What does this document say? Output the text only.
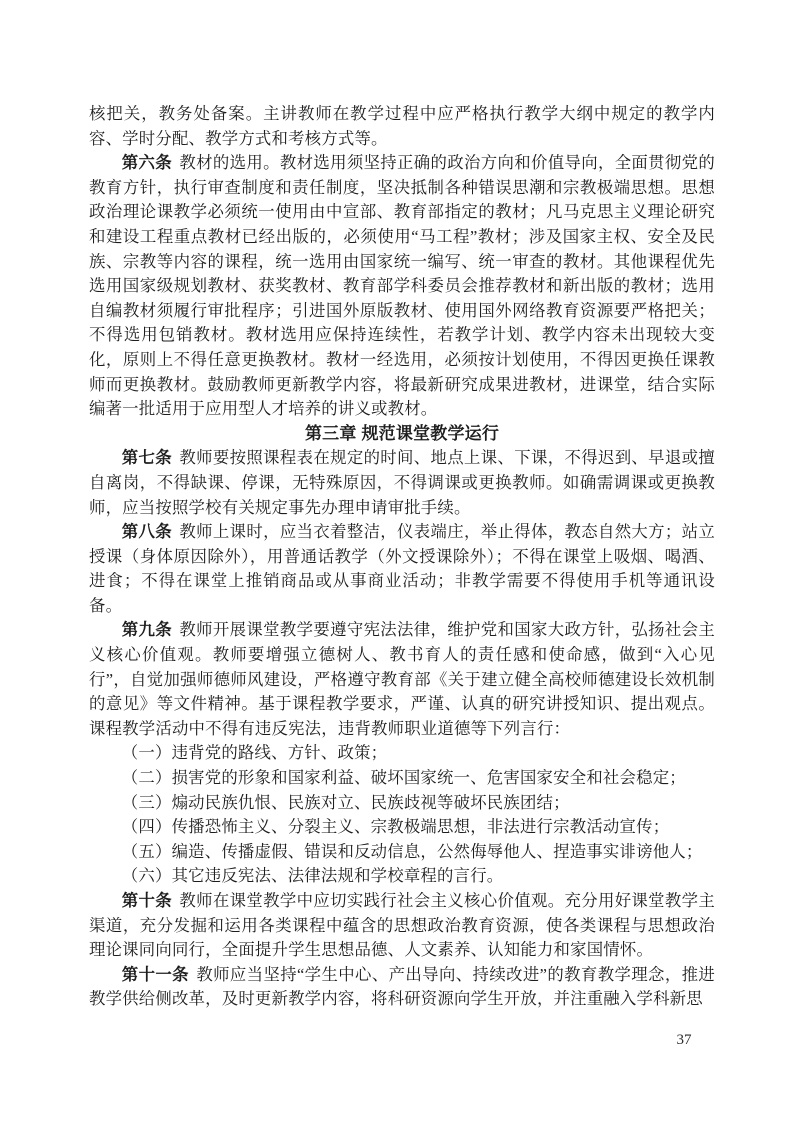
核把关，教务处备案。主讲教师在教学过程中应严格执行教学大纲中规定的教学内容、学时分配、教学方式和考核方式等。

第六条 教材的选用。教材选用须坚持正确的政治方向和价值导向，全面贯彻党的教育方针，执行审查制度和责任制度，坚决抵制各种错误思潮和宗教极端思想。思想政治理论课教学必须统一使用由中宣部、教育部指定的教材；凡马克思主义理论研究和建设工程重点教材已经出版的，必须使用“马工程”教材；涉及国家主权、安全及民族、宗教等内容的课程，统一选用由国家统一编写、统一审查的教材。其他课程优先选用国家级规划教材、获奖教材、教育部学科委员会推荐教材和新出版的教材；选用自编教材须履行审批程序；引进国外原版教材、使用国外网络教育资源要严格把关；不得选用包销教材。教材选用应保持连续性，若教学计划、教学内容未出现较大变化，原则上不得任意更换教材。教材一经选用，必须按计划使用，不得因更换任课教师而更换教材。鼓励教师更新教学内容，将最新研究成果进教材，进课堂，结合实际编著一批适用于应用型人才培养的讲义或教材。

第三章 规范课堂教学运行

第七条 教师要按照课程表在规定的时间、地点上课、下课，不得迟到、早退或擅自离岗，不得缺课、停课，无特殊原因，不得调课或更换教师。如确需调课或更换教师，应当按照学校有关规定事先办理申请审批手续。

第八条 教师上课时，应当衣着整洁，仪表端庄，举止得体，教态自然大方；站立授课（身体原因除外），用普通话教学（外文授课除外）；不得在课堂上吸烟、喝酒、进食；不得在课堂上推销商品或从事商业活动；非教学需要不得使用手机等通讯设备。

第九条 教师开展课堂教学要遵守宪法法律，维护党和国家大政方针，弘扬社会主义核心价值观。教师要增强立德树人、教书育人的责任感和使命感，做到“入心见行”，自觉加强师德师风建设，严格遵守教育部《关于建立健全高校师德建设长效机制的意见》等文件精神。基于课程教学要求，严谨、认真的研究讲授知识、提出观点。课程教学活动中不得有违反宪法，违背教师职业道德等下列言行：

（一）违背党的路线、方针、政策；

（二）损害党的形象和国家利益、破坏国家统一、危害国家安全和社会稳定；

（三）煽动民族仇恨、民族对立、民族歧视等破坏民族团结；

（四）传播恐怖主义、分裂主义、宗教极端思想，非法进行宗教活动宣传；

（五）编造、传播虚假、错误和反动信息，公然侮辱他人、捏造事实诽谤他人；

（六）其它违反宪法、法律法规和学校章程的言行。

第十条 教师在课堂教学中应切实践行社会主义核心价值观。充分用好课堂教学主渠道，充分发掘和运用各类课程中蕴含的思想政治教育资源，使各类课程与思想政治理论课同向同行，全面提升学生思想品德、人文素养、认知能力和家国情怀。

第十一条 教师应当坚持“学生中心、产出导向、持续改进”的教育教学理念，推进教学供给侧改革，及时更新教学内容，将科研资源向学生开放，并注重融入学科新思

37
